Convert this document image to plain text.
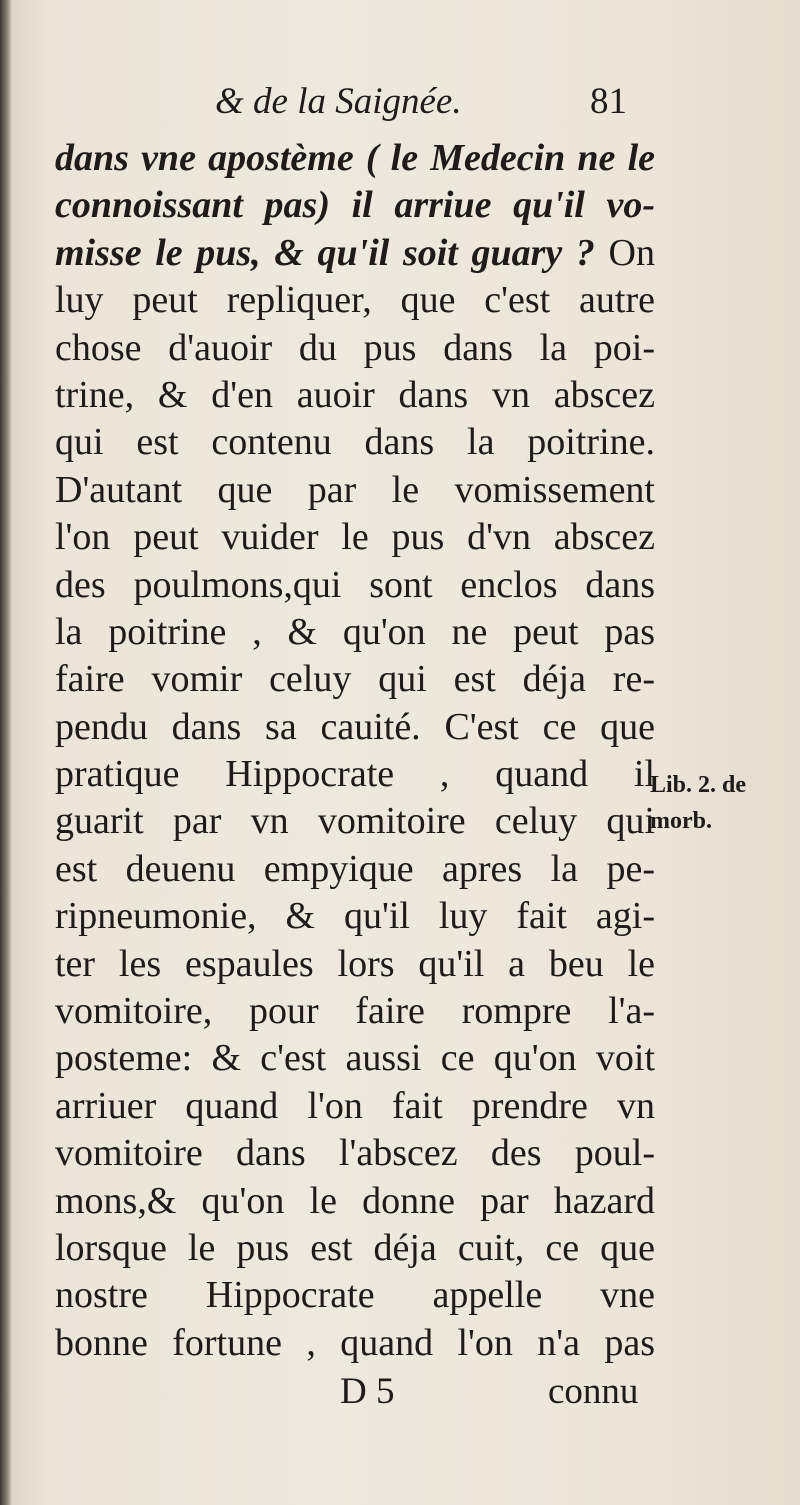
& de la Saignée.	81
dans vne apostème ( le Medecin ne le
connoissant pas) il arriue qu'il vo-
misse le pus, & qu'il soit guary ? On
luy peut repliquer, que c'est autre
chose d'auoir du pus dans la poi-
trine, & d'en auoir dans vn abscez
qui est contenu dans la poitrine.
D'autant que par le vomissement
l'on peut vuider le pus d'vn abscez
des poulmons,qui sont enclos dans
la poitrine , & qu'on ne peut pas
faire vomir celuy qui est déja re-
pendu dans sa cauité. C'est ce que
pratique Hippocrate , quand il
guarit par vn vomitoire celuy qui
est deuenu empyique apres la pe-
ripneumonie, & qu'il luy fait agi-
ter les espaules lors qu'il a beu le
vomitoire, pour faire rompre l'a-
posteme: & c'est aussi ce qu'on voit
arriuer quand l'on fait prendre vn
vomitoire dans l'abscez des poul-
mons,& qu'on le donne par hazard
lorsque le pus est déja cuit, ce que
nostre Hippocrate appelle vne
bonne fortune , quand l'on n'a pas
Lib. 2. de
morb.
D 5	connu
